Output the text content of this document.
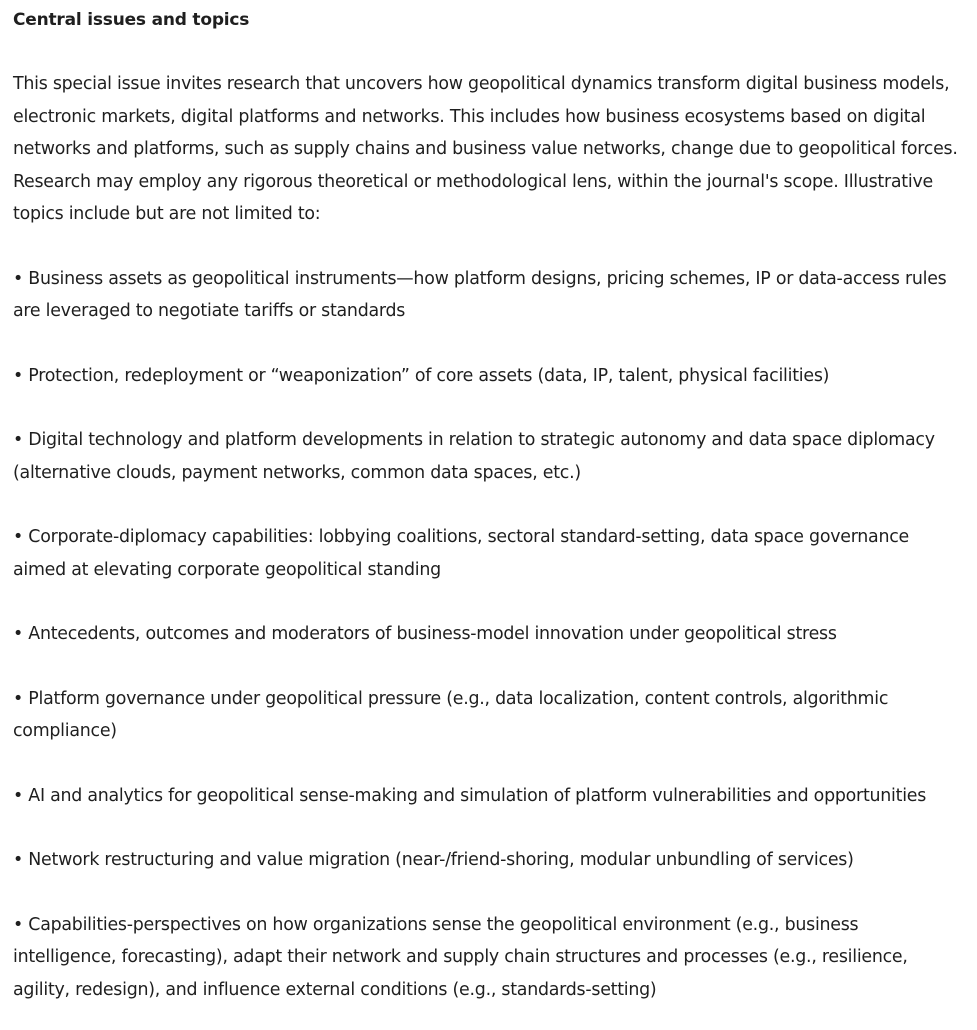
Central issues and topics

This special issue invites research that uncovers how geopolitical dynamics transform digital business models, electronic markets, digital platforms and networks. This includes how business ecosystems based on digital networks and platforms, such as supply chains and business value networks, change due to geopolitical forces. Research may employ any rigorous theoretical or methodological lens, within the journal's scope. Illustrative topics include but are not limited to:

• Business assets as geopolitical instruments—how platform designs, pricing schemes, IP or data-access rules are leveraged to negotiate tariffs or standards

• Protection, redeployment or “weaponization” of core assets (data, IP, talent, physical facilities)

• Digital technology and platform developments in relation to strategic autonomy and data space diplomacy (alternative clouds, payment networks, common data spaces, etc.)

• Corporate-diplomacy capabilities: lobbying coalitions, sectoral standard-setting, data space governance aimed at elevating corporate geopolitical standing

• Antecedents, outcomes and moderators of business-model innovation under geopolitical stress

• Platform governance under geopolitical pressure (e.g., data localization, content controls, algorithmic compliance)

• AI and analytics for geopolitical sense-making and simulation of platform vulnerabilities and opportunities

• Network restructuring and value migration (near-/friend-shoring, modular unbundling of services)

• Capabilities-perspectives on how organizations sense the geopolitical environment (e.g., business intelligence, forecasting), adapt their network and supply chain structures and processes (e.g., resilience, agility, redesign), and influence external conditions (e.g., standards-setting)
